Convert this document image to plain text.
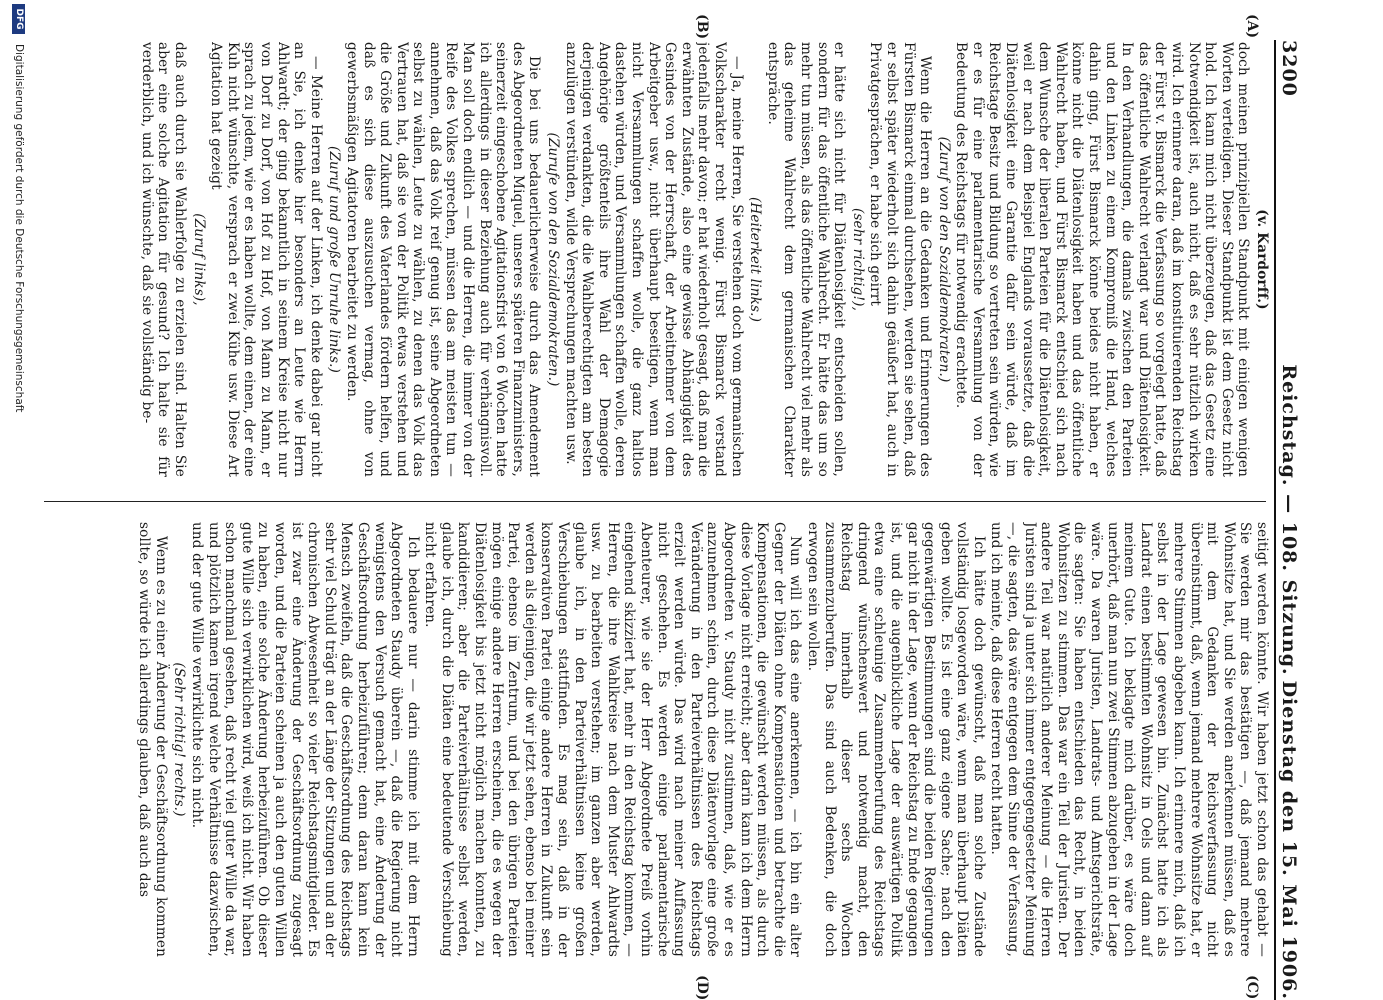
3200
Reichstag. — 108. Sitzung.
Dienstag den 15. Mai 1906.
(A)
(B)
(C)
(D)

(v. Kardorff.)

doch meinen prinzipiellen Standpunkt mit einigen wenigen Worten verteidigen. Dieser Standpunkt ist dem Gesetz nicht hold. Ich kann mich nicht überzeugen, daß das Gesetz eine Notwendigkeit ist, auch nicht, daß es sehr nützlich wirken wird. Ich erinnere daran, daß im konstituierenden Reichstag der Fürst v. Bismarck die Verfassung so vorgelegt hatte, daß das öffentliche Wahlrecht verlangt war und Diätenlosigkeit. In den Verhandlungen, die damals zwischen den Parteien und den Linken zu einem Kompromiß die Hand, welches dahin ging, Fürst Bismarck könne beides nicht haben, er könne nicht die Diätenlosigkeit haben und das öffentliche Wahlrecht haben, und Fürst Bismarck entschied sich nach dem Wunsche der liberalen Parteien für die Diätenlosigkeit, weil er nach dem Beispiel Englands voraussetzte, daß die Diätenlosigkeit eine Garantie dafür sein würde, daß im Reichstage Besitz und Bildung so vertreten sein würden, wie er es für eine parlamentarische Versammlung von der Bedeutung des Reichstags für notwendig erachtete.

(Zuruf von den Sozialdemokraten.)

Wenn die Herren an die Gedanken und Erinnerungen des Fürsten Bismarck einmal durchsehen, werden sie sehen, daß er selbst später wiederholt sich dahin geäußert hat, auch in Privatgesprächen, er habe sich geirrt

(sehr richtig!),

er hätte sich nicht für Diätenlosigkeit entscheiden sollen, sondern für das öffentliche Wahlrecht. Er hätte das um so mehr tun müssen, als das öffentliche Wahlrecht viel mehr als das geheime Wahlrecht dem germanischen Charakter entspräche.

(Heiterkeit links.)

— Ja, meine Herren, Sie verstehen doch vom germanischen Volkscharakter recht wenig. Fürst Bismarck verstand jedenfalls mehr davon; er hat wiederholt gesagt, daß man die erwähnten Zustände, also eine gewisse Abhängigkeit des Gesindes von der Herrschaft, der Arbeitnehmer von dem Arbeitgeber usw., nicht überhaupt beseitigen, wenn man nicht Versammlungen schaffen wolle, die ganz haltlos dastehen würden, und Versammlungen schaffen wolle, deren Angehörige größtenteils ihre Wahl der Demagogie derjenigen verdankten, die die Wahlberechtigten am besten anzulügen verstünden, wilde Versprechungen machten usw.

(Zurufe von den Sozialdemokraten.)

Die bei uns bedauerlicherweise durch das Amendement des Abgeordneten Miquel, unseres späteren Finanzministers, seinerzeit eingeschobene Agitationsfrist von 6 Wochen hatte ich allerdings in dieser Beziehung auch für verhängnisvoll. Man soll doch endlich — und die Herren, die immer von der Reife des Volkes sprechen, müssen das am meisten tun — annehmen, daß das Volk reif genug ist, seine Abgeordneten selbst zu wählen, Leute zu wählen, zu denen das Volk das Vertrauen hat, daß sie von der Politik etwas verstehen und die Größe und Zukunft des Vaterlandes fördern helfen, und daß es sich diese auszusuchen vermag, ohne von gewerbsmäßigen Agitatoren bearbeitet zu werden.

(Zuruf und große Unruhe links.)

— Meine Herren auf der Linken, ich denke dabei gar nicht an Sie, ich denke hier besonders an Leute wie Herrn Ahlwardt; der ging bekanntlich in seinem Kreise nicht nur von Dorf zu Dorf, von Hof zu Hof, von Mann zu Mann, er sprach zu jedem, wie er es haben wollte, dem einen, der eine Kuh nicht wünschte, versprach er zwei Kühe usw. Diese Art Agitation hat gezeigt

(Zuruf links),

daß auch durch sie Wahlerfolge zu erzielen sind. Halten Sie aber eine solche Agitation für gesund? Ich halte sie für verderblich, und ich wünschte, daß sie vollständig be-

seitigt werden könnte. Wir haben jetzt schon das gehabt — Sie werden mir das bestätigen —, daß jemand mehrere Wohnsitze hat, und Sie werden anerkennen müssen, daß es mit dem Gedanken der Reichsverfassung nicht übereinstimmt, daß, wenn jemand mehrere Wohnsitze hat, er mehrere Stimmen abgeben kann. Ich erinnere mich, daß ich selbst in der Lage gewesen bin. Zunächst hatte ich als Landrat einen bestimmten Wohnsitz in Oels und dann auf meinem Gute. Ich beklagte mich darüber, es wäre doch unerhört, daß man nun zwei Stimmen abzugeben in der Lage wäre. Da waren Juristen, Landrats- und Amtsgerichtsräte, die sagten: Sie haben entschieden das Recht, in beiden Wohnsitzen zu stimmen. Das war ein Teil der Juristen. Der andere Teil war natürlich anderer Meinung — die Herren Juristen sind ja unter sich immer entgegengesetzter Meinung —, die sagten, das wäre entgegen dem Sinne der Verfassung, und ich meinte, daß diese Herren recht hatten.

Ich hätte doch gewünscht, daß man solche Zustände vollständig losgeworden wäre, wenn man überhaupt Diäten geben wollte. Es ist eine ganz eigene Sache; nach den gegenwärtigen Bestimmungen sind die beiden Regierungen gar nicht in der Lage, wenn der Reichstag zu Ende gegangen ist, und die augenblickliche Lage der auswärtigen Politik etwa eine schleunige Zusammenberufung des Reichstags dringend wünschenswert und notwendig macht, den Reichstag innerhalb dieser sechs Wochen zusammenzuberufen. Das sind auch Bedenken, die doch erwogen sein wollen.

Nun will ich das eine anerkennen, — ich bin ein alter Gegner der Diäten ohne Kompensationen und betrachte die Kompensationen, die gewünscht werden müssen, als durch diese Vorlage nicht erreicht; aber darin kann ich dem Herrn Abgeordneten v. Staudy nicht zustimmen, daß, wie er es anzunehmen schien, durch diese Diätenvorlage eine große Veränderung in den Parteiverhältnissen des Reichstags erzielt werden würde. Das wird nach meiner Auffassung nicht geschehen. Es werden einige parlamentarische Abenteurer, wie sie der Herr Abgeordnete Preiß vorhin eingehend skizziert hat, mehr in den Reichstag kommen, — Herren, die ihre Wahlkreise nach dem Muster Ahlwardts usw. zu bearbeiten verstehen; im ganzen aber werden, glaube ich, in den Parteiverhältnissen keine großen Verschiebungen stattfinden. Es mag sein, daß in der konservativen Partei einige andere Herren in Zukunft sein werden als diejenigen, die wir jetzt sehen, ebenso bei meiner Partei, ebenso im Zentrum, und bei den übrigen Parteien mögen einige andere Herren erscheinen, die es wegen der Diätenlosigkeit bis jetzt nicht möglich machen konnten, zu kandidieren; aber die Parteiverhältnisse selbst werden, glaube ich, durch die Diäten eine bedeutende Verschiebung nicht erfahren.

Ich bedauere nur — darin stimme ich mit dem Herrn Abgeordneten Staudy überein —, daß die Regierung nicht wenigstens den Versuch gemacht hat, eine Änderung der Geschäftsordnung herbeizuführen; denn daran kann kein Mensch zweifeln, daß die Geschäftsordnung des Reichstags sehr viel Schuld trägt an der Länge der Sitzungen und an der chronischen Abwesenheit so vieler Reichstagsmitglieder. Es ist zwar eine Änderung der Geschäftsordnung zugesagt worden, und die Parteien scheinen ja auch den guten Willen zu haben, eine solche Änderung herbeizuführen. Ob dieser gute Wille sich verwirklichen wird, weiß ich nicht. Wir haben schon manchmal gesehen, daß recht viel guter Wille da war, und plötzlich kamen irgend welche Verhältnisse dazwischen, und der gute Wille verwirklichte sich nicht.

(Sehr richtig! rechts.)

Wenn es zu einer Änderung der Geschäftsordnung kommen sollte, so würde ich allerdings glauben, daß auch das

DFG
Digitalisierung gefördert durch die Deutsche Forschungsgemeinschaft
